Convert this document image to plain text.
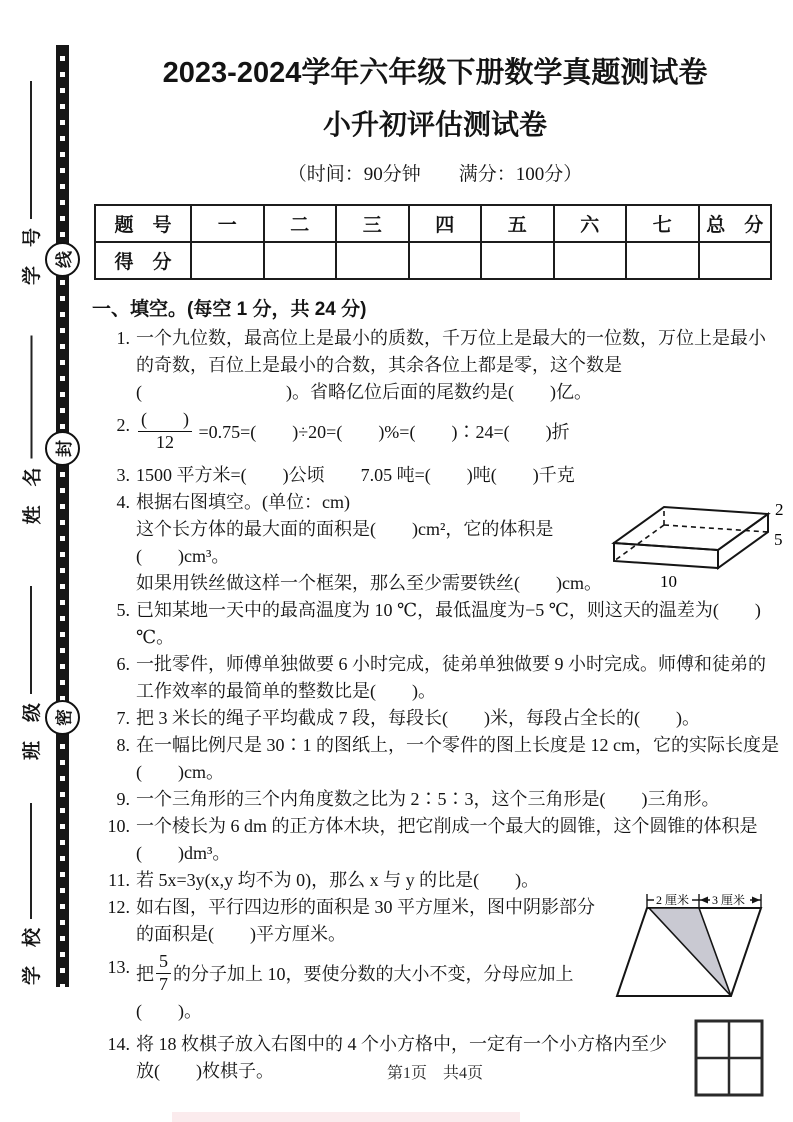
学　号
姓　名
班　级
学　校
线
封
密
2023-2024学年六年级下册数学真题测试卷
小升初评估测试卷
（时间：90分钟　　满分：100分）
题　号	一	二	三	四	五	六	七	总　分
得　分								
一、填空。(每空 1 分，共 24 分)
1. 一个九位数，最高位上是最小的质数，千万位上是最大的一位数，万位上是最小的奇数，百位上是最小的合数，其余各位上都是零，这个数是(　　　　　　　　)。省略亿位后面的尾数约是(　　)亿。
2. $\frac{( )}{12} =0.75=$(　　)÷20=(　　)%=(　　)∶24=(　　)折
3. 1500 平方米=(　　)公顷　　7.05 吨=(　　)吨(　　)千克
4. 根据右图填空。(单位：cm)
这个长方体的最大面的面积是(　　)cm²，它的体积是(　　)cm³。
如果用铁丝做这样一个框架，那么至少需要铁丝(　　)cm。	10
5
2
5. 已知某地一天中的最高温度为 10 ℃，最低温度为−5 ℃，则这天的温差为(　　)℃。
6. 一批零件，师傅单独做要 6 小时完成，徒弟单独做要 9 小时完成。师傅和徒弟的工作效率的最简单的整数比是(　　)。
7. 把 3 米长的绳子平均截成 7 段，每段长(　　)米，每段占全长的(　　)。
8. 在一幅比例尺是 30∶1 的图纸上，一个零件的图上长度是 12 cm，它的实际长度是(　　)cm。
9. 一个三角形的三个内角度数之比为 2∶5∶3，这个三角形是(　　)三角形。
10. 一个棱长为 6 dm 的正方体木块，把它削成一个最大的圆锥，这个圆锥的体积是(　　)dm³。
11. 若 5x=3y(x,y 均不为 0)，那么 x 与 y 的比是(　　)。
12. 如右图，平行四边形的面积是 30 平方厘米，图中阴影部分的面积是(　　)平方厘米。
2 厘米 3 厘米
13. 把 $\frac{5}{7}$ 的分子加上 10，要使分数的大小不变，分母应加上(　　)。
14. 将 18 枚棋子放入右图中的 4 个小方格中，一定有一个小方格内至少放(　　)枚棋子。	第1页　共4页
